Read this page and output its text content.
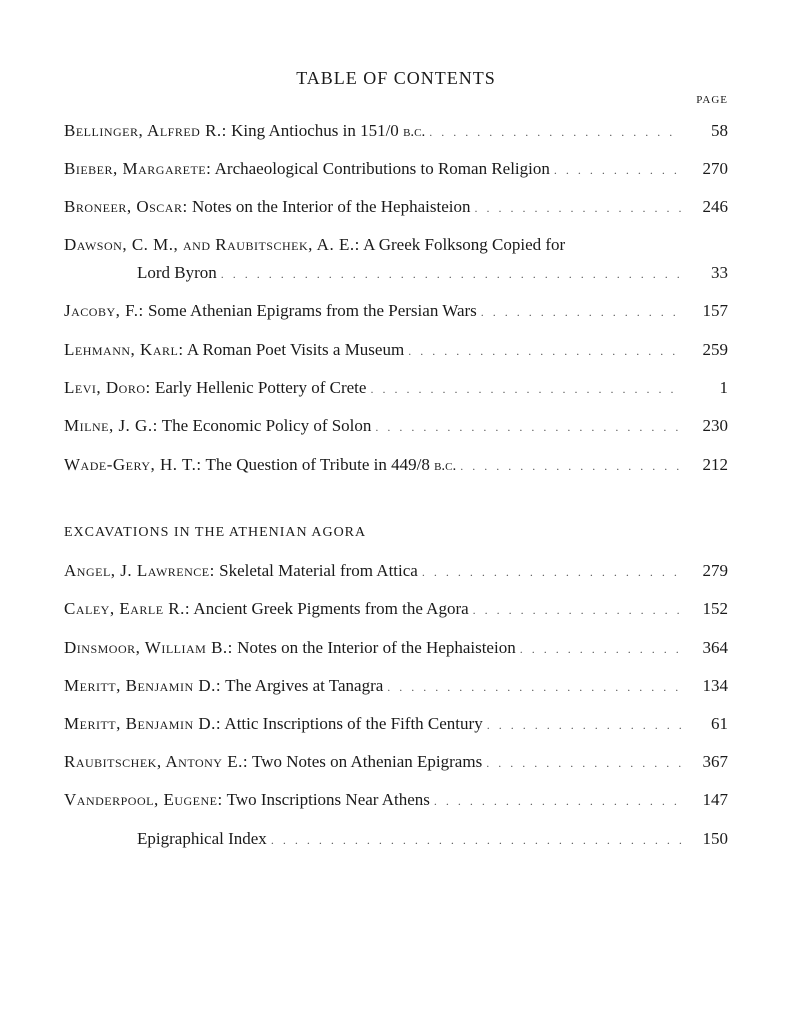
TABLE OF CONTENTS
PAGE
Bellinger, Alfred R.: King Antiochus in 151/0 b.c. . . .	58
Bieber, Margarete: Archaeological Contributions to Roman Religion . . .	270
Broneer, Oscar: Notes on the Interior of the Hephaisteion . . .	246
Dawson, C. M., and Raubitschek, A. E.: A Greek Folksong Copied for
Lord Byron . . .	33
Jacoby, F.: Some Athenian Epigrams from the Persian Wars . . .	157
Lehmann, Karl: A Roman Poet Visits a Museum . . .	259
Levi, Doro: Early Hellenic Pottery of Crete . . .	1
Milne, J. G.: The Economic Policy of Solon . . .	230
Wade-Gery, H. T.: The Question of Tribute in 449/8 b.c. . . .	212
EXCAVATIONS IN THE ATHENIAN AGORA
Angel, J. Lawrence: Skeletal Material from Attica . . .	279
Caley, Earle R.: Ancient Greek Pigments from the Agora . . .	152
Dinsmoor, William B.: Notes on the Interior of the Hephaisteion . . .	364
Meritt, Benjamin D.: The Argives at Tanagra . . .	134
Meritt, Benjamin D.: Attic Inscriptions of the Fifth Century . . .	61
Raubitschek, Antony E.: Two Notes on Athenian Epigrams . . .	367
Vanderpool, Eugene: Two Inscriptions Near Athens . . .	147
Epigraphical Index . . .	150
